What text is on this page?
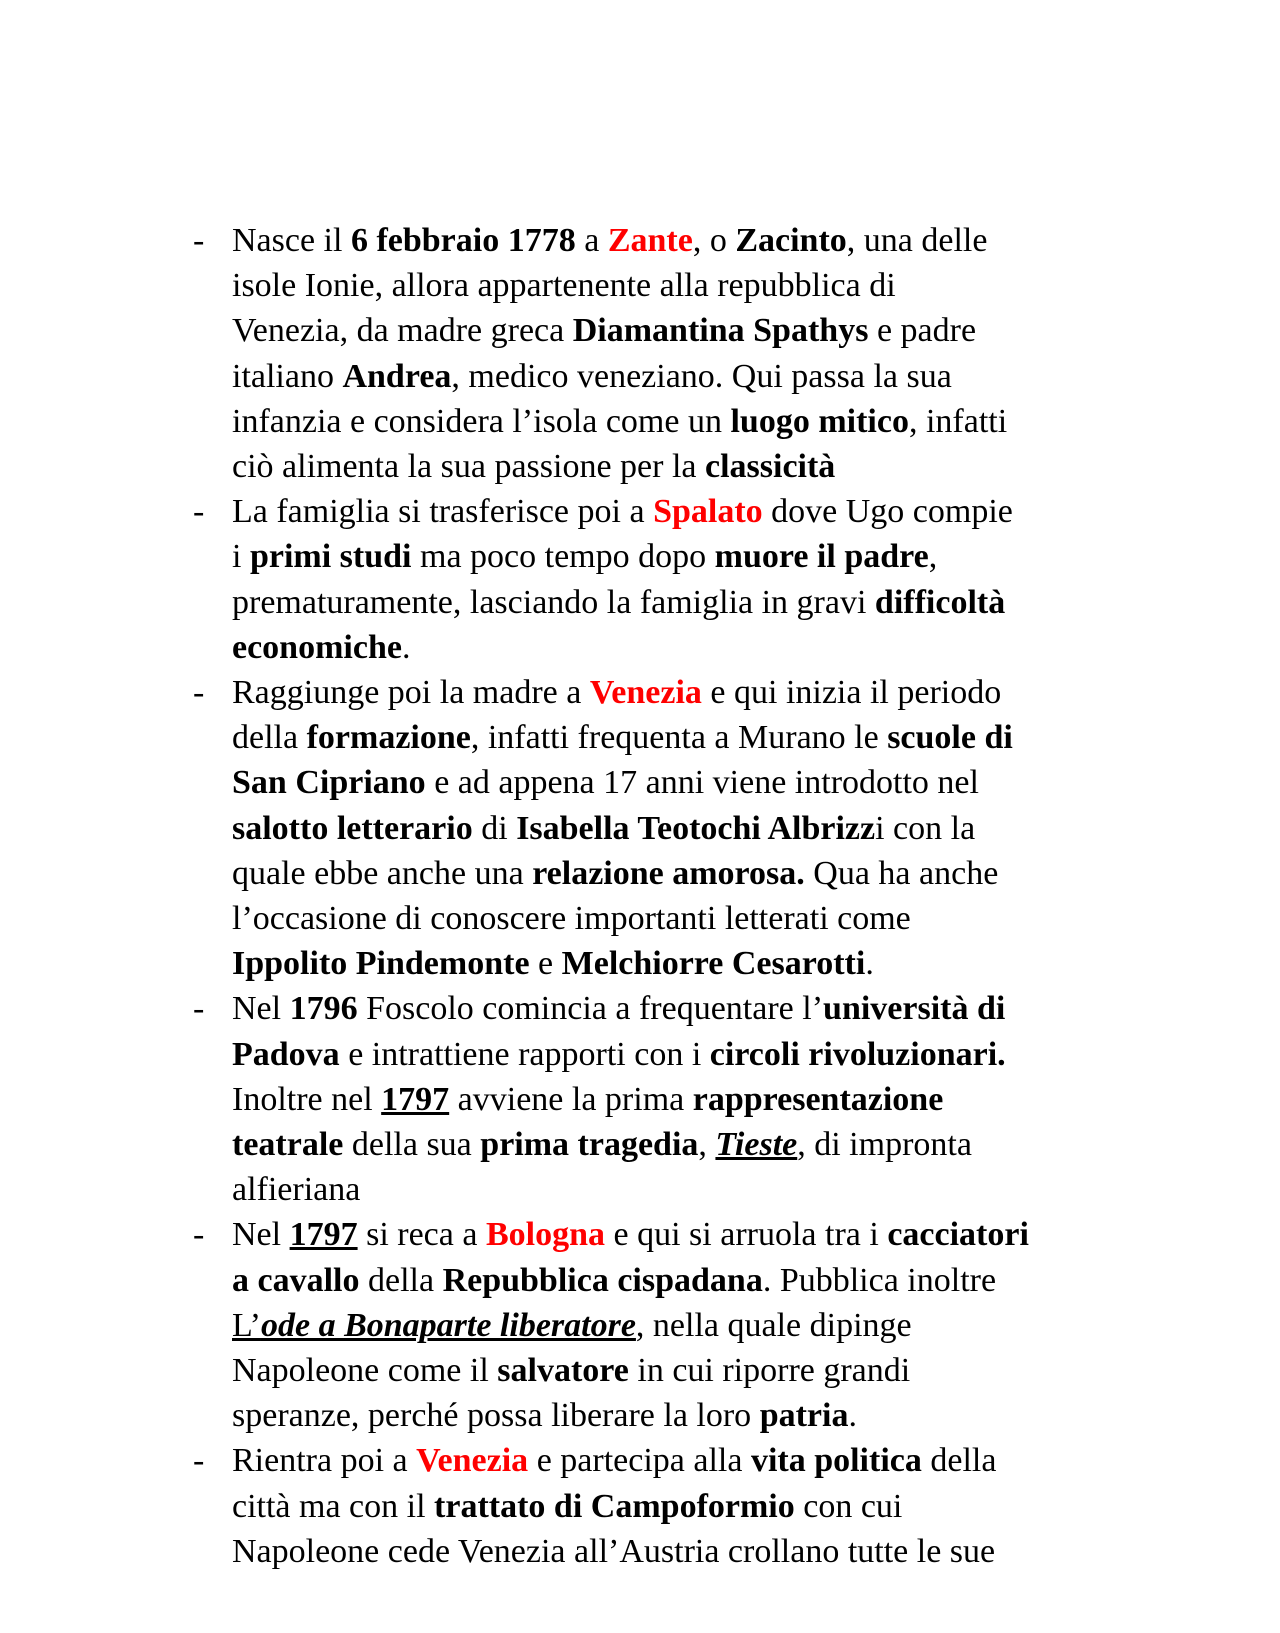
- Nasce il 6 febbraio 1778 a Zante, o Zacinto, una delle
isole Ionie, allora appartenente alla repubblica di
Venezia, da madre greca Diamantina Spathys e padre
italiano Andrea, medico veneziano. Qui passa la sua
infanzia e considera l’isola come un luogo mitico, infatti
ciò alimenta la sua passione per la classicità
- La famiglia si trasferisce poi a Spalato dove Ugo compie
i primi studi ma poco tempo dopo muore il padre,
prematuramente, lasciando la famiglia in gravi difficoltà
economiche.
- Raggiunge poi la madre a Venezia e qui inizia il periodo
della formazione, infatti frequenta a Murano le scuole di
San Cipriano e ad appena 17 anni viene introdotto nel
salotto letterario di Isabella Teotochi Albrizzi con la
quale ebbe anche una relazione amorosa. Qua ha anche
l’occasione di conoscere importanti letterati come
Ippolito Pindemonte e Melchiorre Cesarotti.
- Nel 1796 Foscolo comincia a frequentare l’università di
Padova e intrattiene rapporti con i circoli rivoluzionari.
Inoltre nel 1797 avviene la prima rappresentazione
teatrale della sua prima tragedia, Tieste, di impronta
alfieriana
- Nel 1797 si reca a Bologna e qui si arruola tra i cacciatori
a cavallo della Repubblica cispadana. Pubblica inoltre
L’ode a Bonaparte liberatore, nella quale dipinge
Napoleone come il salvatore in cui riporre grandi
speranze, perché possa liberare la loro patria.
- Rientra poi a Venezia e partecipa alla vita politica della
città ma con il trattato di Campoformio con cui
Napoleone cede Venezia all’Austria crollano tutte le sue
